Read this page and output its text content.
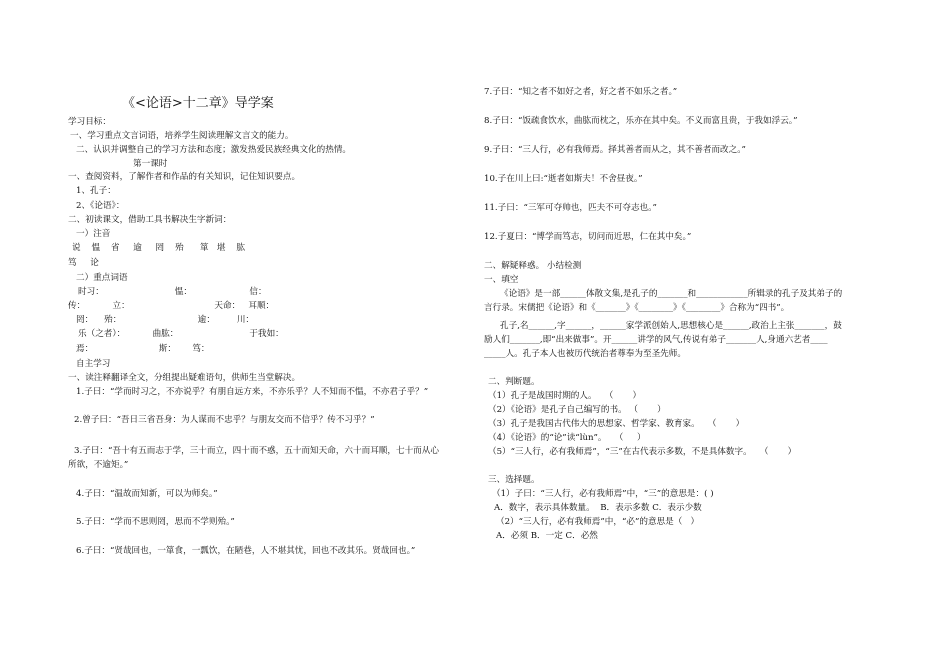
《<论语>十二章》导学案
学习目标：
一、学习重点文言词语，培养学生阅读理解文言文的能力。
二、认识并调整自己的学习方法和态度；激发热爱民族经典文化的热情。
第一课时
一、查阅资料，了解作者和作品的有关知识，记住知识要点。
1、孔子：
2、《论语》：
二、初读课文，借助工具书解决生字新词：
一）注音
说    愠    省     逾     罔    殆      箪   堪    肱
笃     论
二）重点词语
时习：                          愠：                     信：
传：          立：                               天命：   耳顺：
罔：    殆：                            逾：        川：
乐（之者）：          曲肱：                          于我如：
焉：                        斯：      笃：
自主学习
一、读注释翻译全文，分组提出疑难语句，供师生当堂解决。
1.子曰：“学而时习之，不亦说乎？有朋自远方来，不亦乐乎？人不知而不愠，不亦君子乎？”
2.曾子曰：“吾日三省吾身：为人谋而不忠乎？与朋友交而不信乎？传不习乎？”
3.子曰：“吾十有五而志于学，三十而立，四十而不惑，五十而知天命，六十而耳顺，七十而从心
所欲，不逾矩。”
4.子曰：“温故而知新，可以为师矣。”
5.子曰：“学而不思则罔，思而不学则殆。”
6.子曰：“贤哉回也，一箪食，一瓢饮，在陋巷，人不堪其忧，回也不改其乐。贤哉回也。”
7.子曰：“知之者不如好之者，好之者不如乐之者。”
8.子曰：“饭疏食饮水，曲肱而枕之，乐亦在其中矣。不义而富且贵，于我如浮云。”
9.子曰：“三人行，必有我师焉。择其善者而从之，其不善者而改之。”
10.子在川上曰:“逝者如斯夫！不舍昼夜。”
11.子曰：“三军可夺帅也，匹夫不可夺志也。”
12.子夏曰：“博学而笃志，切问而近思，仁在其中矣。”
二、解疑释惑。 小结检测
一、填空
《论语》是一部______体散文集,是孔子的_______和____________所辑录的孔子及其弟子的
言行录。宋儒把《论语》和《_______》《________》《________》合称为“四书”。
孔子,名______,字______，______家学派创始人,思想核心是______,政治上主张_______，鼓
励人们_______,即“出来做事”。开______讲学的风气,传说有弟子_______人,身通六艺者____
_____人。孔子本人也被历代统治者尊奉为至圣先师。
二、判断题。
（1）孔子是战国时期的人。   （       ）
（2）《论语》是孔子自己编写的书。 （       ）
（3）孔子是我国古代伟大的思想家、哲学家、教育家。   （       ）
（4）《论语》的“论”读“lùn”。   （     ）
（5）“三人行，必有我师焉”，“三”在古代表示多数，不是具体数字。   （       ）
三、选择题。
（1）子曰：“三人行，必有我师焉”中，“三”的意思是：( )
A．数字，表示具体数量。  B．表示多数 C．表示少数
（2）“三人行，必有我师焉”中，“必”的意思是（   ）
A．必须 B．一定 C．必然
